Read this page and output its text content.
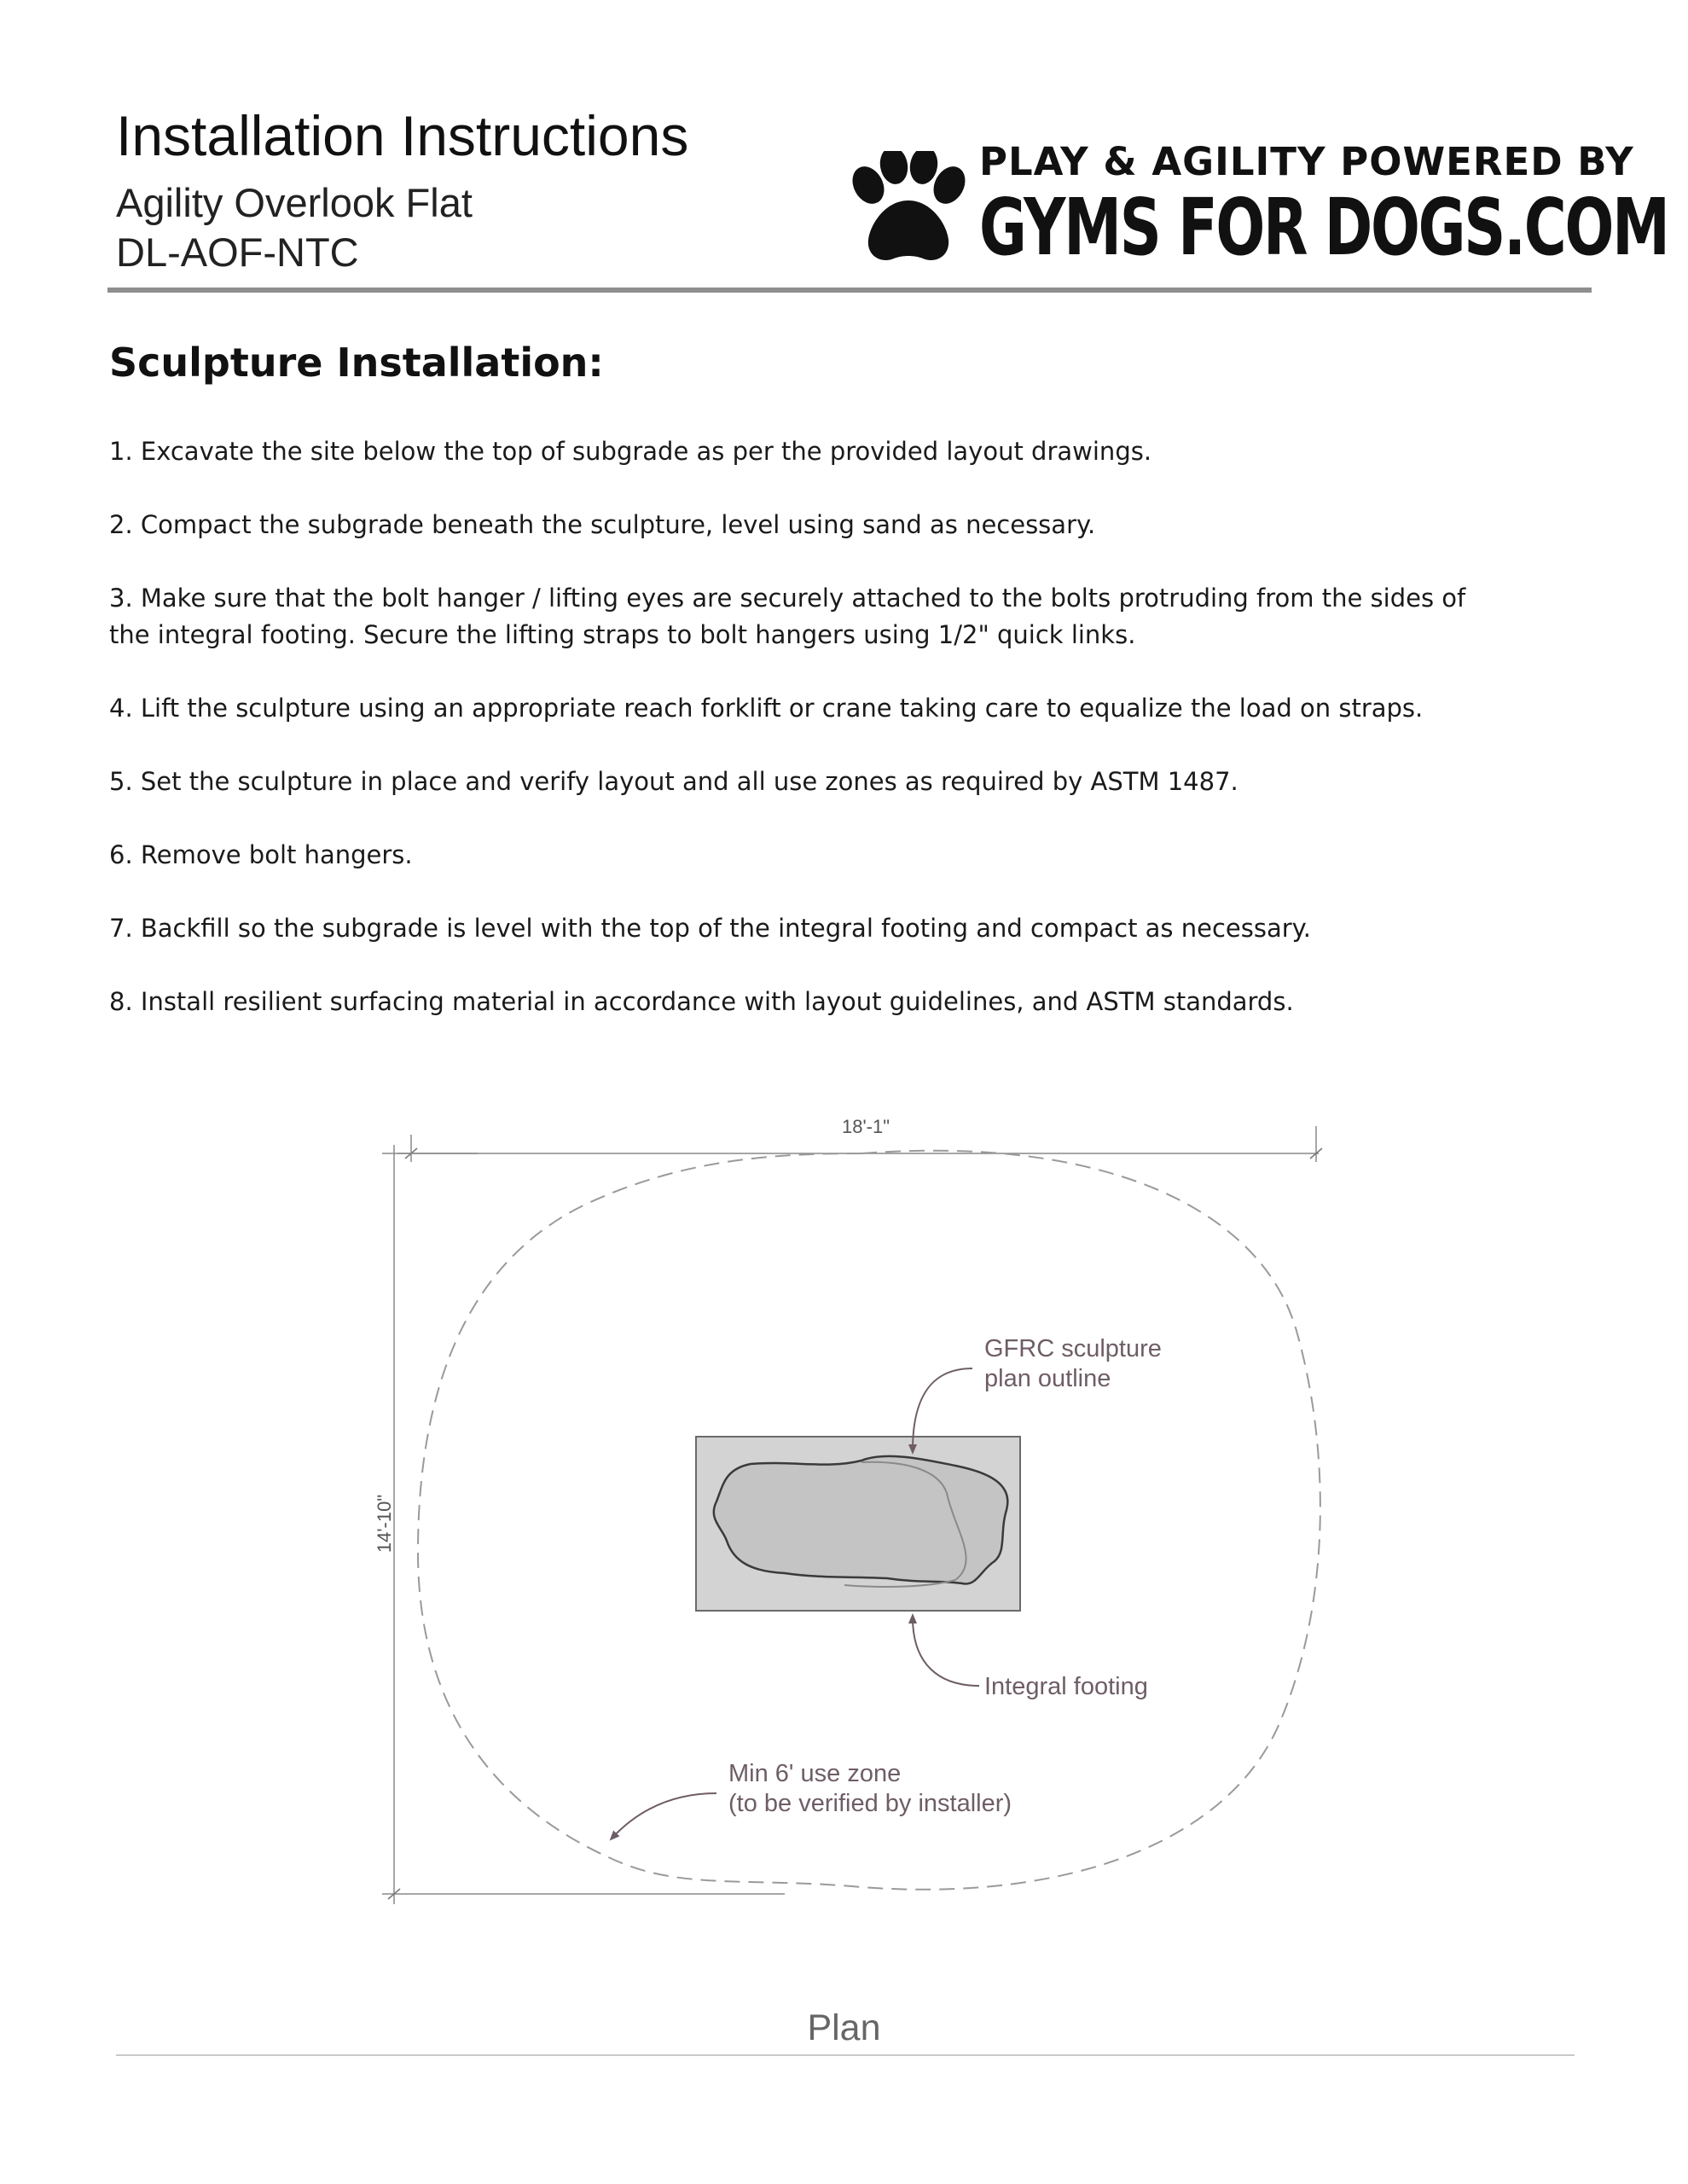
Installation Instructions
Agility Overlook Flat
DL-AOF-NTC
PLAY & AGILITY POWERED BY
GYMS FOR DOGS.COM
Sculpture Installation:
1. Excavate the site below the top of subgrade as per the provided layout drawings.
2. Compact the subgrade beneath the sculpture, level using sand as necessary.
3. Make sure that the bolt hanger / lifting eyes are securely attached to the bolts protruding from the sides of the integral footing. Secure the lifting straps to bolt hangers using 1/2" quick links.
4. Lift the sculpture using an appropriate reach forklift or crane taking care to equalize the load on straps.
5. Set the sculpture in place and verify layout and all use zones as required by ASTM 1487.
6. Remove bolt hangers.
7. Backfill so the subgrade is level with the top of the integral footing and compact as necessary.
8. Install resilient surfacing material in accordance with layout guidelines, and ASTM standards.
18'-1"
14'-10"
GFRC sculpture
plan outline
Integral footing
Min 6' use zone
(to be verified by installer)
Plan
